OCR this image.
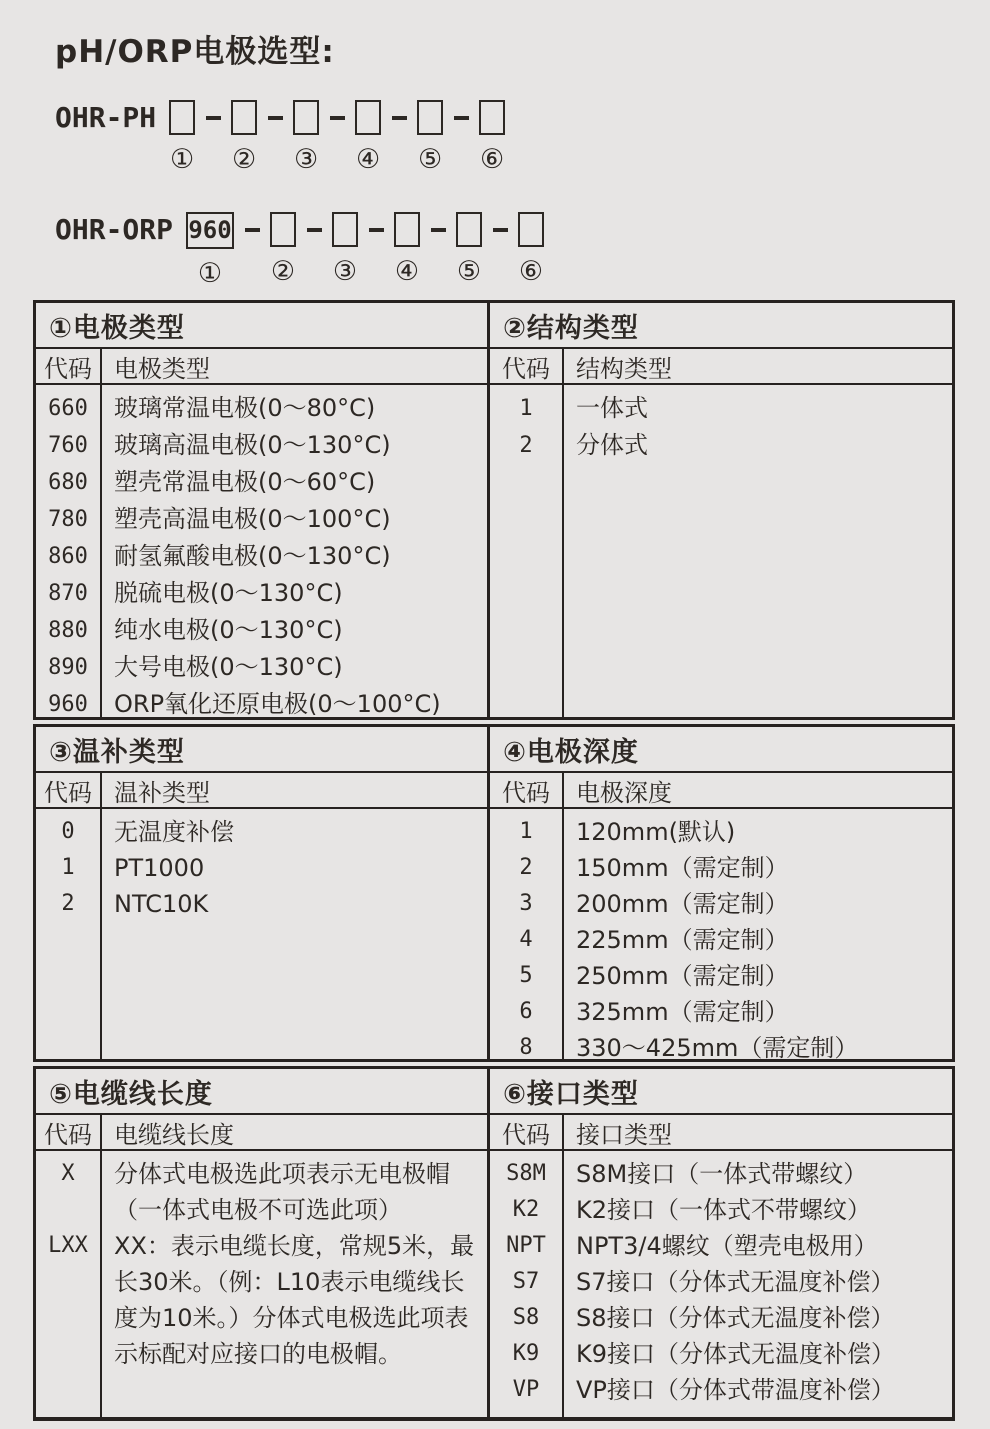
pH/ORP电极选型:
OHR-PH
① ② ③ ④ ⑤ ⑥
OHR-ORP 960
① ② ③ ④ ⑤ ⑥
①电极类型
代码 电极类型
660	玻璃常温电极(0～80°C)
760	玻璃高温电极(0～130°C)
680	塑壳常温电极(0～60°C)
780	塑壳高温电极(0～100°C)
860	耐氢氟酸电极(0～130°C)
870	脱硫电极(0～130°C)
880	纯水电极(0～130°C)
890	大号电极(0～130°C)
960	ORP氧化还原电极(0～100°C)
②结构类型
代码	结构类型
1	一体式
2	分体式
③温补类型
代码 温补类型
0	无温度补偿
1	PT1000
2	NTC10K
④电极深度
代码	电极深度
1	120mm(默认)
2	150mm（需定制）
3	200mm（需定制）
4	225mm（需定制）
5	250mm（需定制）
6	325mm（需定制）
8	330～425mm（需定制）
⑤电缆线长度
代码 电缆线长度
X	分体式电极选此项表示无电极帽（一体式电极不可选此项）
LXX	XX：表示电缆长度，常规5米，最长30米。（例：L10表示电缆线长度为10米。）分体式电极选此项表示标配对应接口的电极帽。
⑥接口类型
代码	接口类型
S8M	S8M接口（一体式带螺纹）
K2	K2接口（一体式不带螺纹）
NPT	NPT3/4螺纹（塑壳电极用）
S7	S7接口（分体式无温度补偿）
S8	S8接口（分体式无温度补偿）
K9	K9接口（分体式无温度补偿）
VP	VP接口（分体式带温度补偿）
